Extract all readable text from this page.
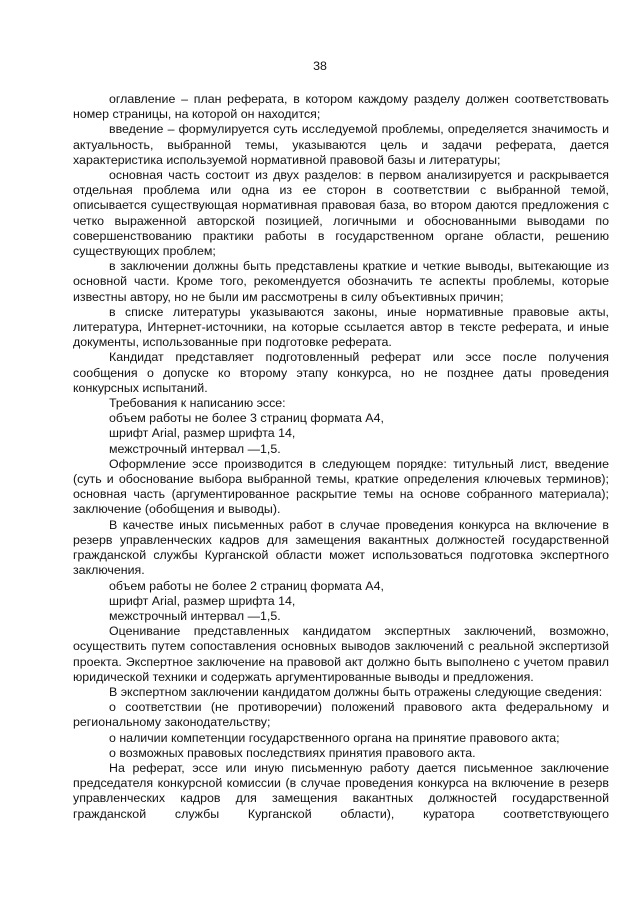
38

оглавление – план реферата, в котором каждому разделу должен соответствовать номер страницы, на которой он находится;

введение – формулируется суть исследуемой проблемы, определяется значимость и актуальность, выбранной темы, указываются цель и задачи реферата, дается характеристика используемой нормативной правовой базы и литературы;

основная часть состоит из двух разделов: в первом анализируется и раскрывается отдельная проблема или одна из ее сторон в соответствии с выбранной темой, описывается существующая нормативная правовая база, во втором даются предложения с четко выраженной авторской позицией, логичными и обоснованными выводами по совершенствованию практики работы в государственном органе области, решению существующих проблем;

в заключении должны быть представлены краткие и четкие выводы, вытекающие из основной части. Кроме того, рекомендуется обозначить те аспекты проблемы, которые известны автору, но не были им рассмотрены в силу объективных причин;

в списке литературы указываются законы, иные нормативные правовые акты, литература, Интернет-источники, на которые ссылается автор в тексте реферата, и иные документы, использованные при подготовке реферата.

Кандидат представляет подготовленный реферат или эссе после получения сообщения о допуске ко второму этапу конкурса, но не позднее даты проведения конкурсных испытаний.

Требования к написанию эссе:

объем работы не более 3 страниц формата А4,

шрифт Arial, размер шрифта 14,

межстрочный интервал —1,5.

Оформление эссе производится в следующем порядке: титульный лист, введение (суть и обоснование выбора выбранной темы, краткие определения ключевых терминов); основная часть (аргументированное раскрытие темы на основе собранного материала); заключение (обобщения и выводы).

В качестве иных письменных работ в случае проведения конкурса на включение в резерв управленческих кадров для замещения вакантных должностей государственной гражданской службы Курганской области может использоваться подготовка экспертного заключения.

объем работы не более 2 страниц формата А4,

шрифт Arial, размер шрифта 14,

межстрочный интервал —1,5.

Оценивание представленных кандидатом экспертных заключений, возможно, осуществить путем сопоставления основных выводов заключений с реальной экспертизой проекта. Экспертное заключение на правовой акт должно быть выполнено с учетом правил юридической техники и содержать аргументированные выводы и предложения.

В экспертном заключении кандидатом должны быть отражены следующие сведения:

о соответствии (не противоречии) положений правового акта федеральному и региональному законодательству;

о наличии компетенции государственного органа на принятие правового акта;

о возможных правовых последствиях принятия правового акта.

На реферат, эссе или иную письменную работу дается письменное заключение председателя конкурсной комиссии (в случае проведения конкурса на включение в резерв управленческих кадров для замещения вакантных должностей государственной гражданской службы Курганской области), куратора соответствующего
